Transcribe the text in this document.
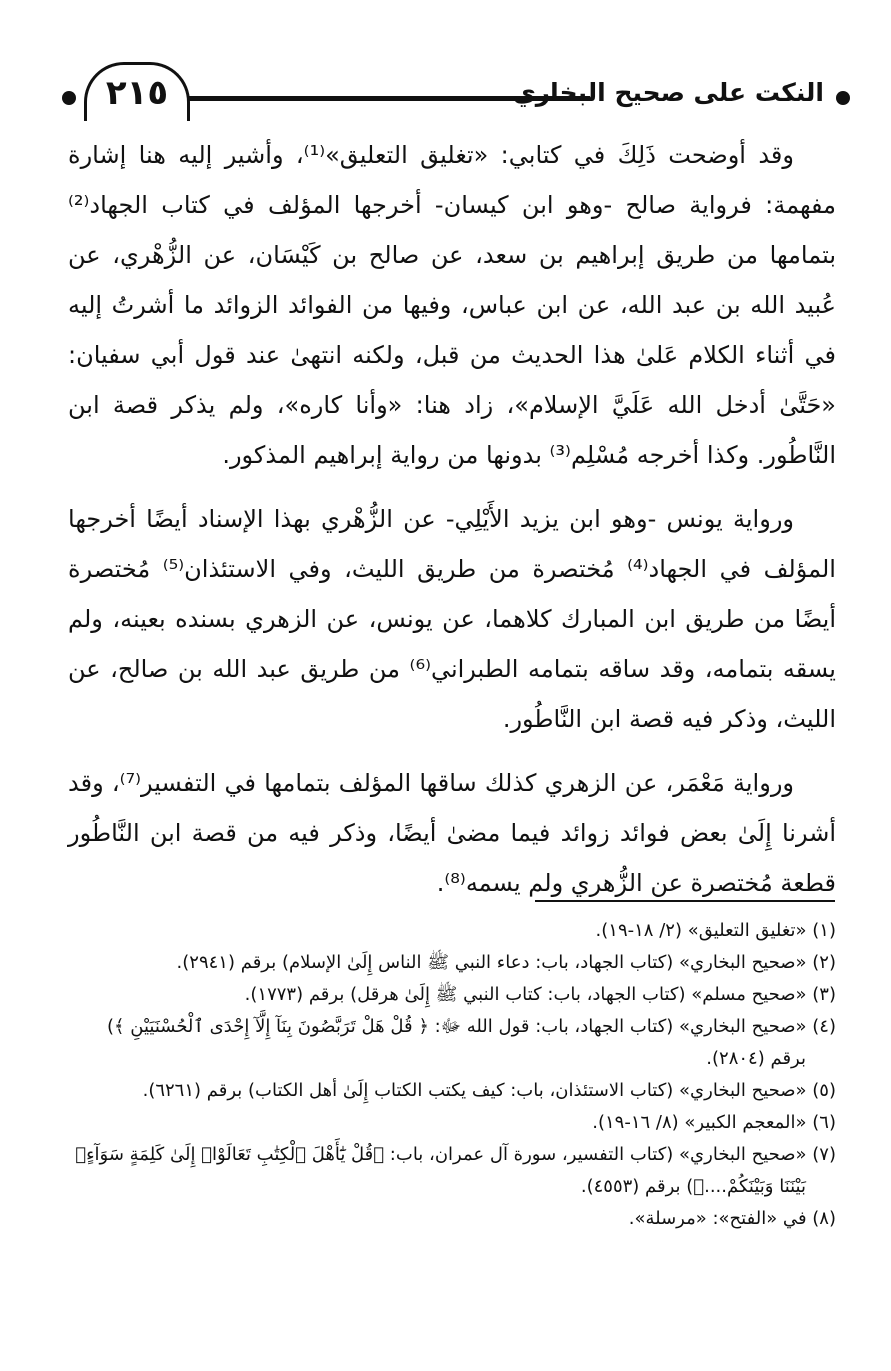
٢١٥	النكت على صحيح البخاري

وقد أوضحت ذَلِكَ في كتابي: «تغليق التعليق»⁽¹⁾، وأشير إليه هنا إشارة مفهمة: فرواية صالح -وهو ابن كيسان- أخرجها المؤلف في كتاب الجهاد⁽²⁾ بتمامها من طريق إبراهيم بن سعد، عن صالح بن كَيْسَان، عن الزُّهْري، عن عُبيد الله بن عبد الله، عن ابن عباس، وفيها من الفوائد الزوائد ما أشرتُ إليه في أثناء الكلام عَلىٰ هذا الحديث من قبل، ولكنه انتهىٰ عند قول أبي سفيان: «حَتَّىٰ أدخل الله عَلَيَّ الإسلام»، زاد هنا: «وأنا كاره»، ولم يذكر قصة ابن النَّاطُور. وكذا أخرجه مُسْلِم⁽³⁾ بدونها من رواية إبراهيم المذكور.

ورواية يونس -وهو ابن يزيد الأَيْلِي- عن الزُّهْري بهذا الإسناد أيضًا أخرجها المؤلف في الجهاد⁽⁴⁾ مُختصرة من طريق الليث، وفي الاستئذان⁽⁵⁾ مُختصرة أيضًا من طريق ابن المبارك كلاهما، عن يونس، عن الزهري بسنده بعينه، ولم يسقه بتمامه، وقد ساقه بتمامه الطبراني⁽⁶⁾ من طريق عبد الله بن صالح، عن الليث، وذكر فيه قصة ابن النَّاطُور.

ورواية مَعْمَر، عن الزهري كذلك ساقها المؤلف بتمامها في التفسير⁽⁷⁾، وقد أشرنا إِلَىٰ بعض فوائد زوائد فيما مضىٰ أيضًا، وذكر فيه من قصة ابن النَّاطُور قطعة مُختصرة عن الزُّهري ولم يسمه⁽⁸⁾.

(١) «تغليق التعليق» (٢/ ١٨-١٩).

(٢) «صحيح البخاري» (كتاب الجهاد، باب: دعاء النبي ﷺ الناس إِلَىٰ الإسلام) برقم (٢٩٤١).

(٣) «صحيح مسلم» (كتاب الجهاد، باب: كتاب النبي ﷺ إِلَىٰ هرقل) برقم (١٧٧٣).

(٤) «صحيح البخاري» (كتاب الجهاد، باب: قول الله ﷻ: ﴿ قُلْ هَلْ تَرَبَّصُونَ بِنَآ إِلَّآ إِحْدَى ٱلْحُسْنَيَيْنِ ﴾) برقم (٢٨٠٤).

(٥) «صحيح البخاري» (كتاب الاستئذان، باب: كيف يكتب الكتاب إِلَىٰ أهل الكتاب) برقم (٦٢٦١).

(٦) «المعجم الكبير» (٨/ ١٦-١٩).

(٧) «صحيح البخاري» (كتاب التفسير، سورة آل عمران، باب: ﴿قُلْ يَٰٓأَهْلَ ٱلْكِتَٰبِ تَعَالَوْا۟ إِلَىٰ كَلِمَةٍ سَوَآءٍۭ بَيْنَنَا وَبَيْنَكُمْ....﴾) برقم (٤٥٥٣).

(٨) في «الفتح»: «مرسلة».
